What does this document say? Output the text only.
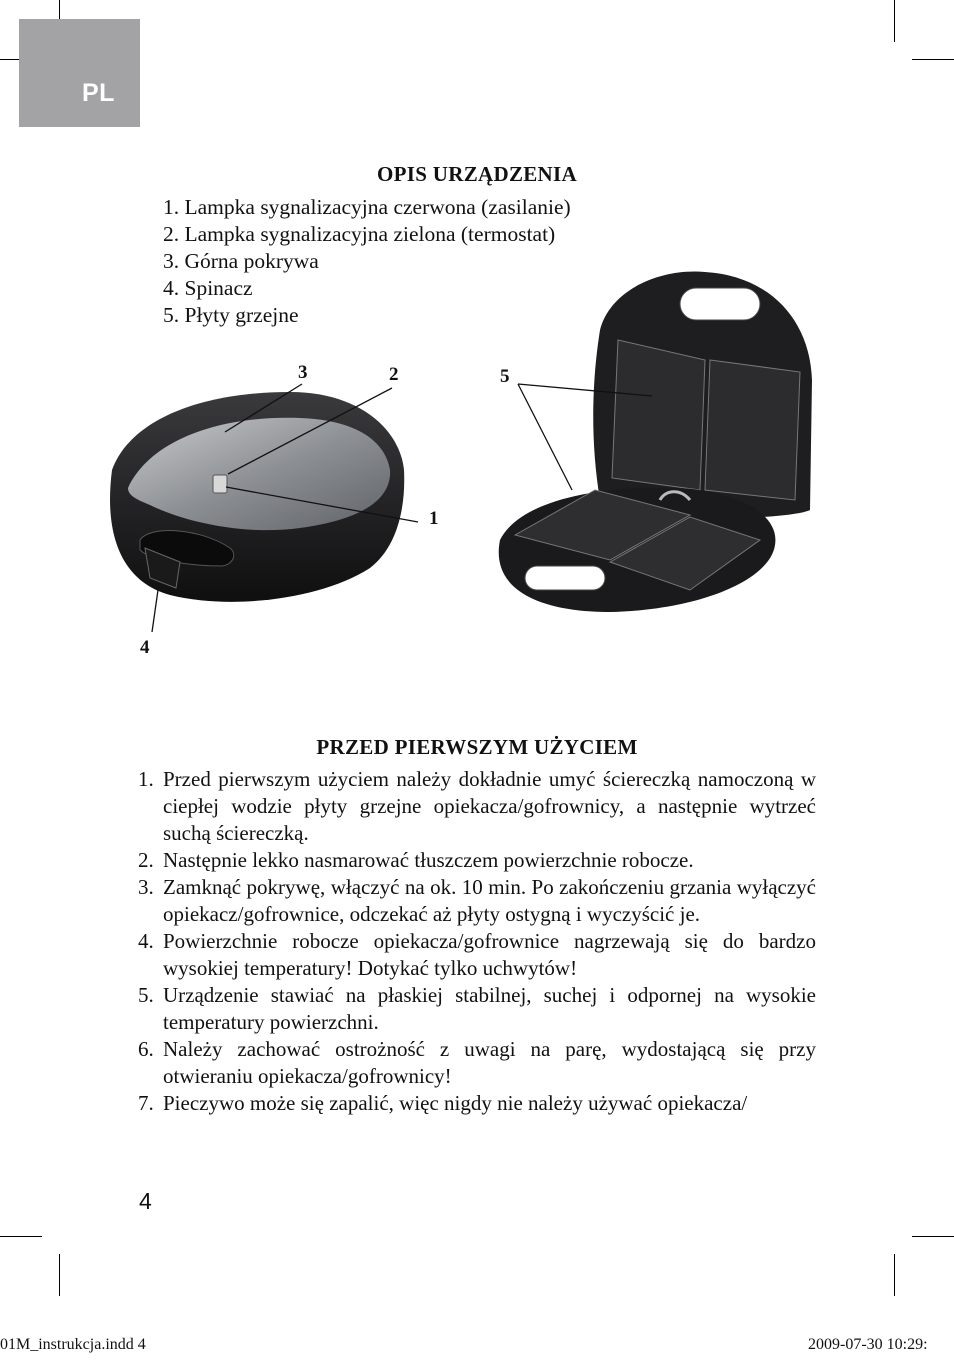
PL
OPIS URZĄDZENIA
1. Lampka sygnalizacyjna czerwona (zasilanie)
2. Lampka sygnalizacyjna zielona (termostat)
3. Górna pokrywa
4. Spinacz
5. Płyty grzejne
3	2
1
4
5
PRZED PIERWSZYM UŻYCIEM
1. Przed pierwszym użyciem należy dokładnie umyć ściereczką namoczoną w ciepłej wodzie płyty grzejne opiekacza/gofrownicy, a następnie wytrzeć suchą ściereczką.
2. Następnie lekko nasmarować tłuszczem powierzchnie robocze.
3. Zamknąć pokrywę, włączyć na ok. 10 min. Po zakończeniu grzania wyłączyć opiekacz/gofrownice, odczekać aż płyty ostygną i wyczyścić je.
4. Powierzchnie robocze opiekacza/gofrownice nagrzewają się do bardzo wysokiej temperatury! Dotykać tylko uchwytów!
5. Urządzenie stawiać na płaskiej stabilnej, suchej i odpornej na wysokie temperatury powierzchni.
6. Należy zachować ostrożność z uwagi na parę, wydostającą się przy otwieraniu opiekacza/gofrownicy!
7. Pieczywo może się zapalić, więc nigdy nie należy używać opiekacza/
4
01M_instrukcja.indd 4	2009-07-30 10:29:
